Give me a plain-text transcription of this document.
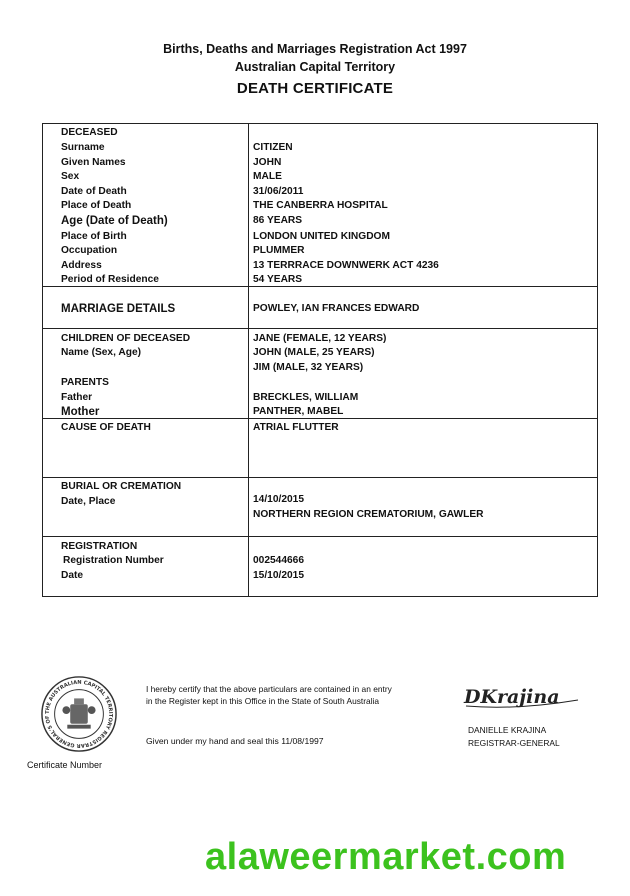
Births, Deaths and Marriages Registration Act 1997
Australian Capital Territory
DEATH CERTIFICATE
DECEASED
Surname	CITIZEN
Given Names	JOHN
Sex	MALE
Date of Death	31/06/2011
Place of Death	THE CANBERRA HOSPITAL
Age (Date of Death)	86 YEARS
Place of Birth	LONDON UNITED KINGDOM
Occupation	PLUMMER
Address	13 TERRRACE DOWNWERK ACT 4236
Period of Residence	54 YEARS
MARRIAGE DETAILS	POWLEY, IAN FRANCES EDWARD
CHILDREN OF DECEASED	JANE (FEMALE, 12 YEARS)
Name (Sex, Age)	JOHN (MALE, 25 YEARS)
JIM (MALE, 32 YEARS)
PARENTS
Father	BRECKLES, WILLIAM
Mother	PANTHER, MABEL
CAUSE OF DEATH	ATRIAL FLUTTER
BURIAL OR CREMATION
Date, Place	14/10/2015
NORTHERN REGION CREMATORIUM, GAWLER
REGISTRATION
Registration Number	002544666
Date	15/10/2015
THE AUSTRALIAN CAPITAL TERRITORY REGISTRAR GENERAL'S OF
Certificate Number
I hereby certify that the above particulars are contained in an entry
in the Register kept in this Office in the State of South Australia
Given under my hand and seal this 11/08/1997
DKrajina
DANIELLE KRAJINA
REGISTRAR-GENERAL
alaweermarket.com
